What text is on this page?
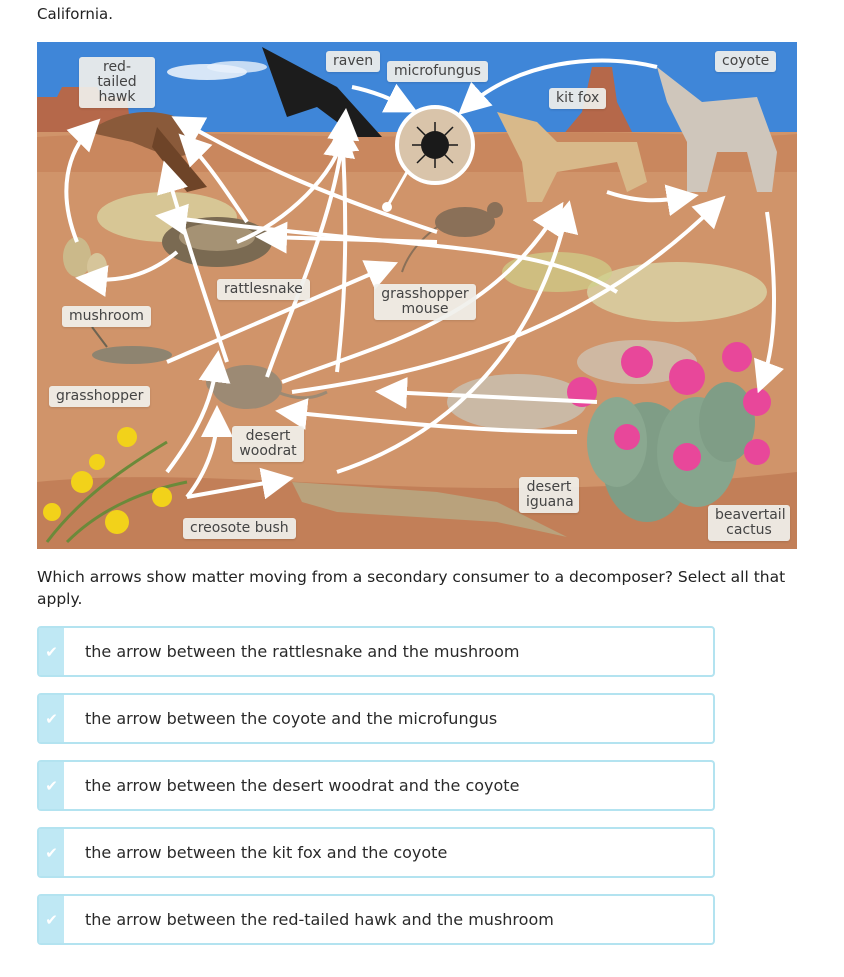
California.
red-tailed hawk
raven
microfungus
kit fox
coyote
rattlesnake	grasshopper mouse
mushroom
grasshopper
desert woodrat
desert iguana
creosote bush
beavertail cactus
Which arrows show matter moving from a secondary consumer to a decomposer? Select all that apply.
✔ the arrow between the rattlesnake and the mushroom
✔ the arrow between the coyote and the microfungus
✔ the arrow between the desert woodrat and the coyote
✔ the arrow between the kit fox and the coyote
✔ the arrow between the red-tailed hawk and the mushroom
